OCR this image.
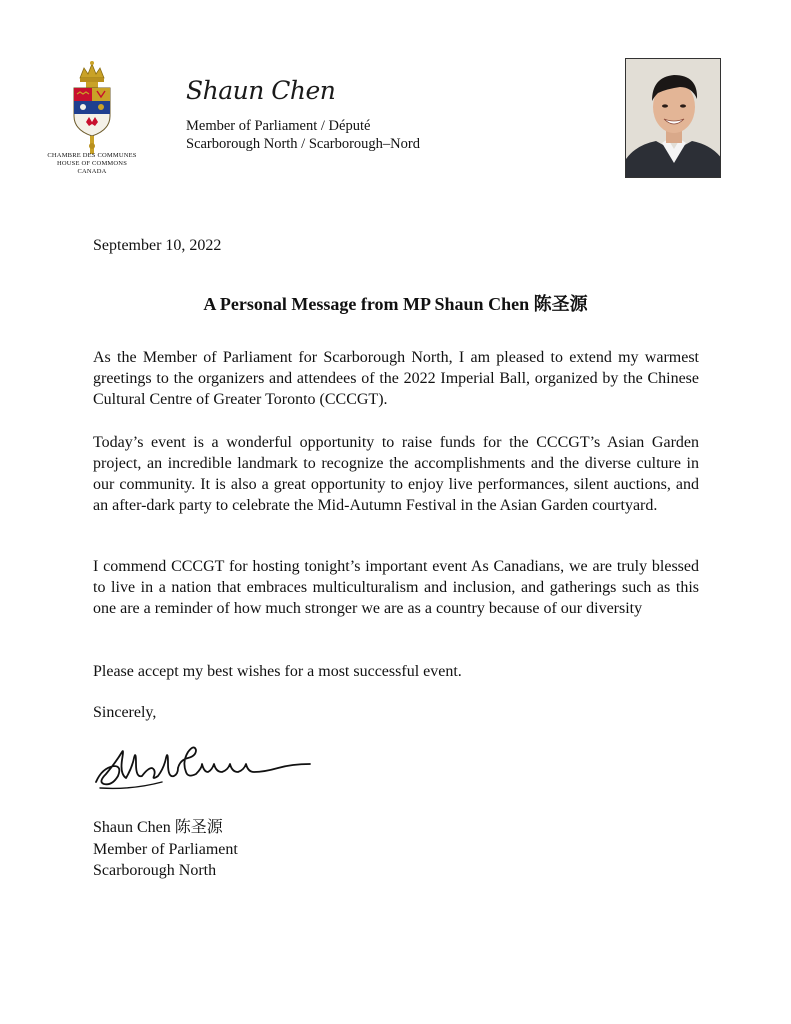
CHAMBRE DES COMMUNES
HOUSE OF COMMONS
CANADA
Shaun Chen
Member of Parliament / Député
Scarborough North / Scarborough–Nord
September 10, 2022
A Personal Message from MP Shaun Chen 陈圣源
As the Member of Parliament for Scarborough North, I am pleased to extend my warmest greetings to the organizers and attendees of the 2022 Imperial Ball, organized by the Chinese Cultural Centre of Greater Toronto (CCCGT).
Today’s event is a wonderful opportunity to raise funds for the CCCGT’s Asian Garden project, an incredible landmark to recognize the accomplishments and the diverse culture in our community. It is also a great opportunity to enjoy live performances, silent auctions, and an after-dark party to celebrate the Mid-Autumn Festival in the Asian Garden courtyard.
I commend CCCGT for hosting tonight’s important event As Canadians, we are truly blessed to live in a nation that embraces multiculturalism and inclusion, and gatherings such as this one are a reminder of how much stronger we are as a country because of our diversity
Please accept my best wishes for a most successful event.
Sincerely,
Shaun Chen 陈圣源
Member of Parliament
Scarborough North
